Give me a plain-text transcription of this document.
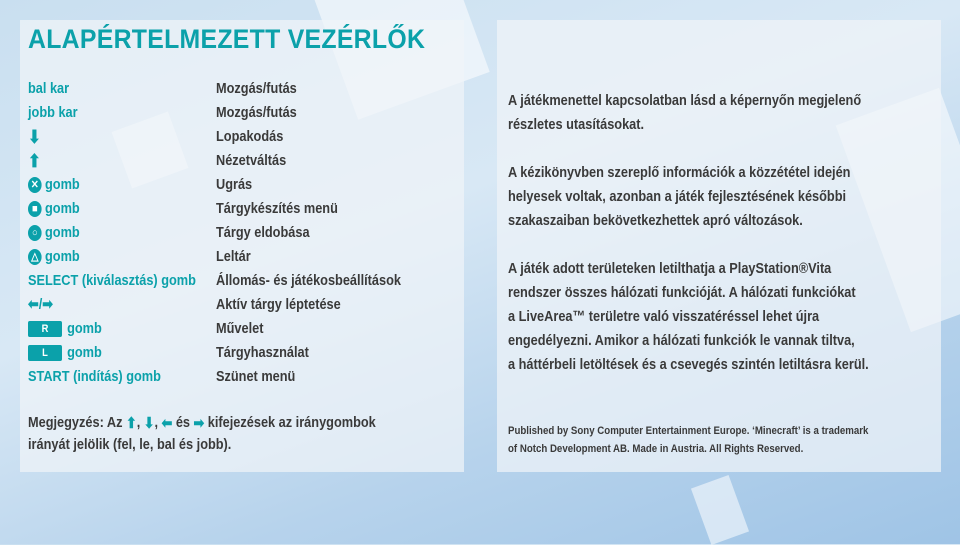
ALAPÉRTELMEZETT VEZÉRLŐK
bal kar	Mozgás/futás
jobb kar	Mozgás/futás
⬇	Lopakodás
⬆	Nézetváltás
✕ gomb	Ugrás
■ gomb	Tárgykészítés menü
○ gomb	Tárgy eldobása
△ gomb	Leltár
SELECT (kiválasztás) gomb Állomás- és játékosbeállítások
⬅/➡	Aktív tárgy léptetése
R gomb	Művelet
L gomb	Tárgyhasználat
START (indítás) gomb	Szünet menü
Megjegyzés: Az ⬆, ⬇, ⬅ és ➡ kifejezések az iránygombok
irányát jelölik (fel, le, bal és jobb).
A játékmenettel kapcsolatban lásd a képernyőn megjelenő
részletes utasításokat.
A kézikönyvben szereplő információk a közzététel idején
helyesek voltak, azonban a játék fejlesztésének későbbi
szakaszaiban bekövetkezhettek apró változások.
A játék adott területeken letilthatja a PlayStation®Vita
rendszer összes hálózati funkcióját. A hálózati funkciókat
a LiveArea™ területre való visszatéréssel lehet újra
engedélyezni. Amikor a hálózati funkciók le vannak tiltva,
a háttérbeli letöltések és a csevegés szintén letiltásra kerül.
Published by Sony Computer Entertainment Europe. ‘Minecraft’ is a trademark
of Notch Development AB. Made in Austria. All Rights Reserved.
